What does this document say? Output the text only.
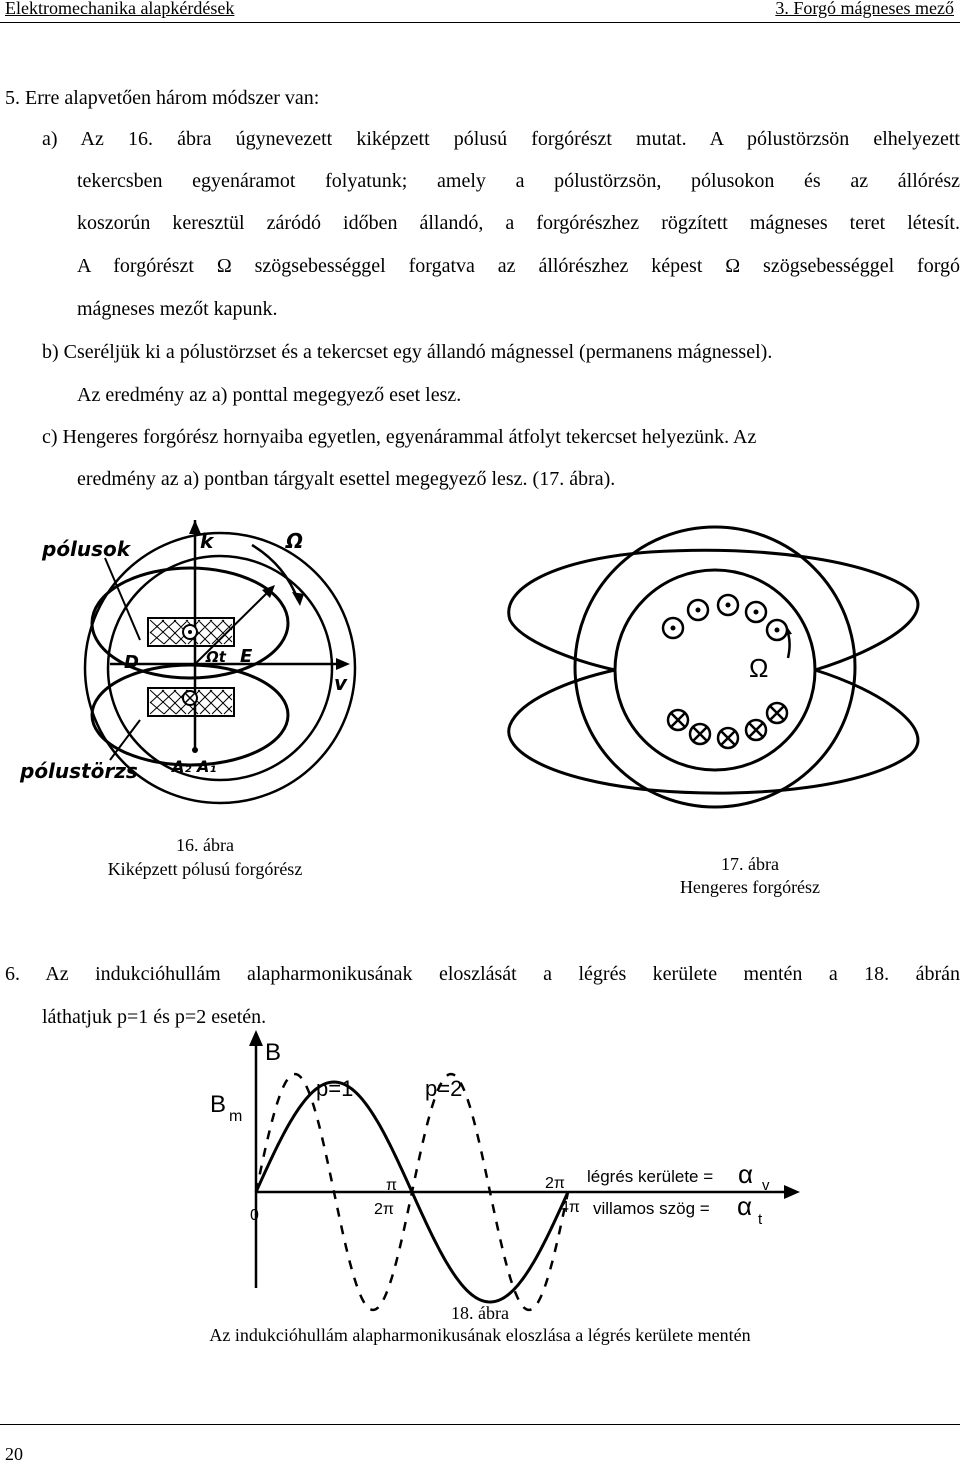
Elektromechanika alapkérdések	3. Forgó mágneses mező
5. Erre alapvetően három módszer van:
a) Az 16. ábra úgynevezett kiképzett pólusú forgórészt mutat. A pólustörzsön elhelyezett
tekercsben egyenáramot folyatunk; amely a pólustörzsön, pólusokon és az állórész
koszorún keresztül záródó időben állandó, a forgórészhez rögzített mágneses teret létesít.
A forgórészt Ω szögsebességgel forgatva az állórészhez képest Ω szögsebességgel forgó
mágneses mezőt kapunk.
b) Cseréljük ki a pólustörzset és a tekercset egy állandó mágnessel (permanens mágnessel).
Az eredmény az a) ponttal megegyező eset lesz.
c) Hengeres forgórész hornyaiba egyetlen, egyenárammal átfolyt tekercset helyezünk. Az
eredmény az a) pontban tárgyalt esettel megegyező lesz. (17. ábra).
pólusok
pólustörzs
k	Ω
D	E
Ωt
v
A₂ A₁
16. ábra
Kiképzett pólusú forgórész
Ω
17. ábra
Hengeres forgórész
6. Az indukcióhullám alapharmonikusának eloszlását a légrés kerülete mentén a 18. ábrán
láthatjuk p=1 és p=2 esetén.
B
B m
p=1	p=2
0
π
2π
2π
4π
légrés kerülete = α v
villamos szög = α t
18. ábra
Az indukcióhullám alapharmonikusának eloszlása a légrés kerülete mentén
20
